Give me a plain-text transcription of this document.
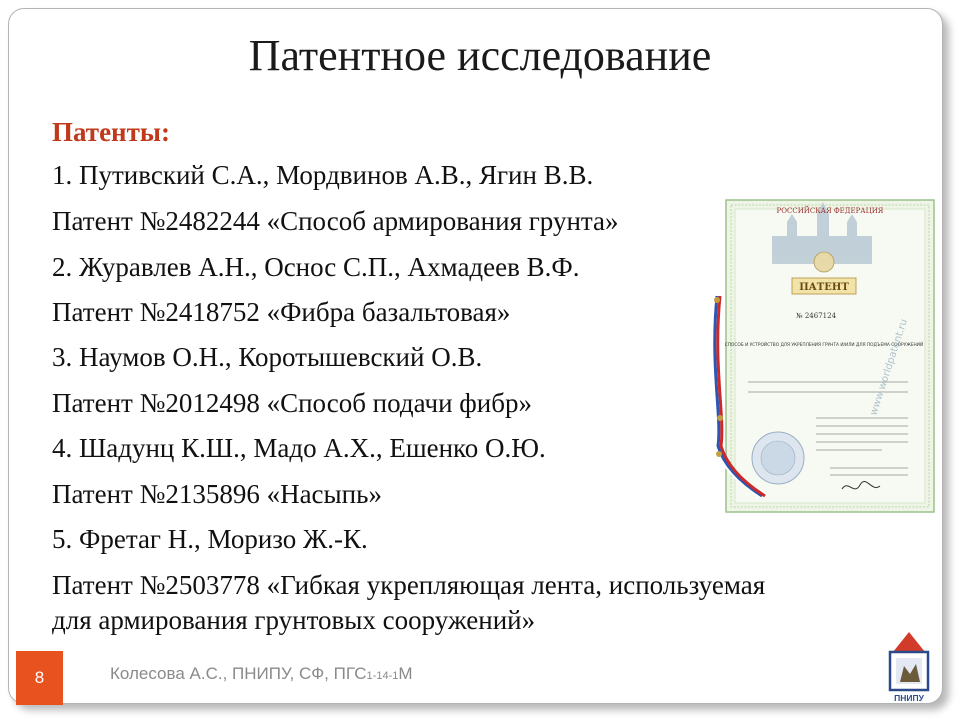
Патентное исследование
Патенты:
1. Путивский С.А., Мордвинов А.В., Ягин В.В.
Патент №2482244 «Способ армирования грунта»
2. Журавлев А.Н., Оснос С.П., Ахмадеев В.Ф.
Патент №2418752 «Фибра базальтовая»
3. Наумов О.Н., Коротышевский О.В.
Патент №2012498 «Способ подачи фибр»
4. Шадунц К.Ш., Мадо А.Х., Ешенко О.Ю.
Патент №2135896 «Насыпь»
5. Фретаг Н., Моризо Ж.-К.
Патент №2503778 «Гибкая укрепляющая лента, используемая
для армирования грунтовых сооружений»
РОССИЙСКАЯ ФЕДЕРАЦИЯ
ПАТЕНТ
№ 2467124
СПОСОБ И УСТРОЙСТВО ДЛЯ УКРЕПЛЕНИЯ ГРУНТА И/ИЛИ ДЛЯ ПОДЪЕМА СООРУЖЕНИЙ
www.worldpatent.ru
8	Колесова А.С., ПНИПУ, СФ, ПГС1-14-1М
ПНИПУ
